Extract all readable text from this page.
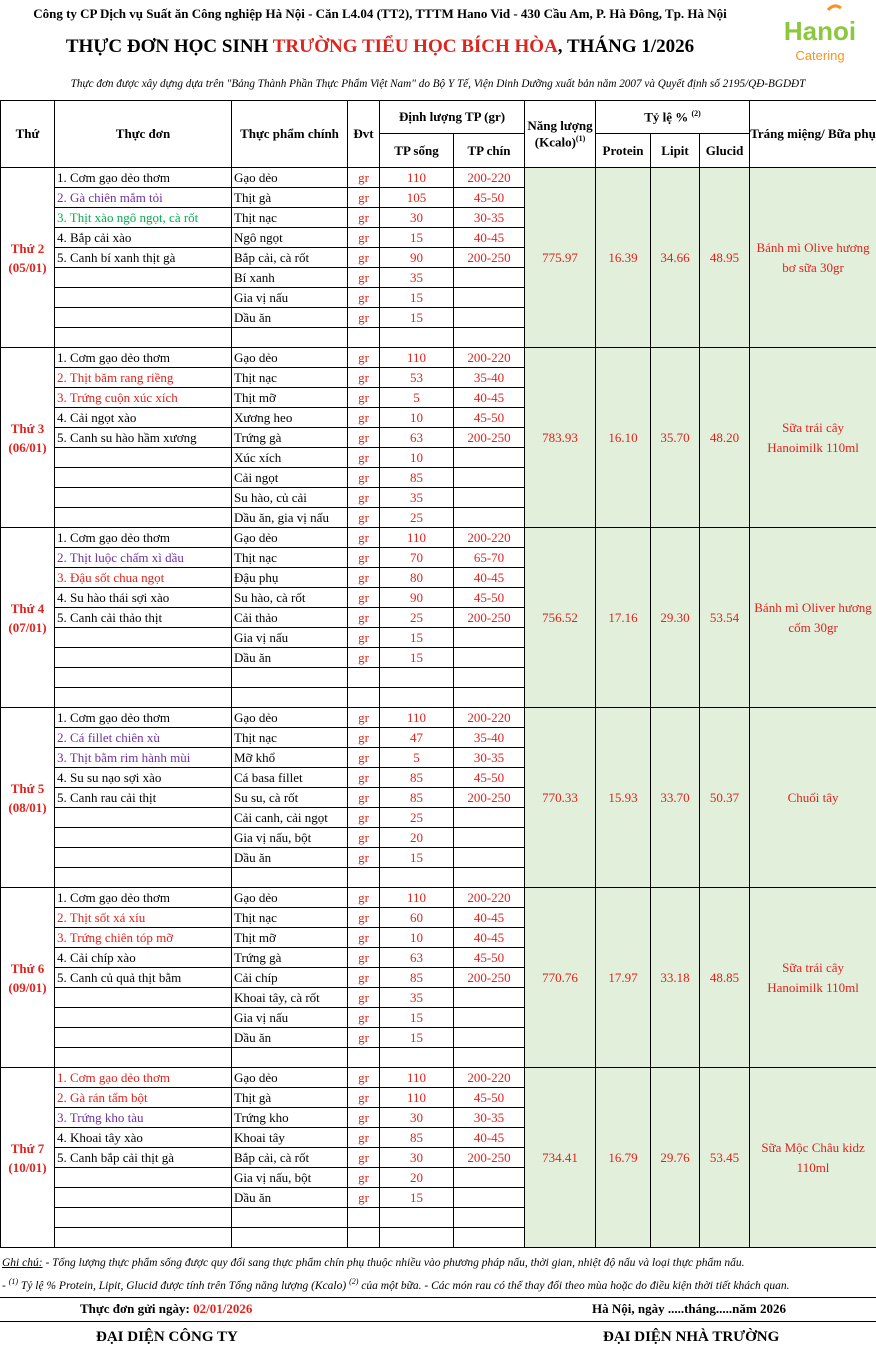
Công ty CP Dịch vụ Suất ăn Công nghiệp Hà Nội - Căn L4.04 (TT2), TTTM Hano Vid - 430 Cầu Am, P. Hà Đông, Tp. Hà Nội
THỰC ĐƠN HỌC SINH TRƯỜNG TIỂU HỌC BÍCH HÒA, THÁNG 1/2026
Hanoi
Catering
Thực đơn được xây dựng dựa trên "Bảng Thành Phần Thực Phẩm Việt Nam" do Bộ Y Tế, Viện Dinh Dưỡng xuất bản năm 2007 và Quyết định số 2195/QĐ-BGDĐT
Thứ	Thực đơn	Thực phẩm chính	Đvt	Định lượng TP (gr)		Năng lượng (Kcalo)$^{(1)}$	Tỷ lệ % $^{(2)}$			Tráng miệng/ Bữa phụ
				TP sống	TP chín		Protein	Lipit	Glucid	

Thứ 2
(05/01)	1. Cơm gạo dẻo thơm	Gạo dẻo	gr	110	200-220	775.97	16.39	34.66	48.95	Bánh mì Olive hương bơ sữa 30gr
	2. Gà chiên mắm tỏi	Thịt gà	gr	105	45-50					
	3. Thịt xào ngô ngọt, cà rốt	Thịt nạc	gr	30	30-35					
	4. Bắp cải xào	Ngô ngọt	gr	15	40-45					
	5. Canh bí xanh thịt gà	Bắp cải, cà rốt	gr	90	200-250					
		Bí xanh	gr	35						
		Gia vị nấu	gr	15						
		Dầu ăn	gr	15						

Thứ 3
(06/01)	1. Cơm gạo dẻo thơm	Gạo dẻo	gr	110	200-220	783.93	16.10	35.70	48.20	Sữa trái cây Hanoimilk 110ml
	2. Thịt băm rang riềng	Thịt nạc	gr	53	35-40					
	3. Trứng cuộn xúc xích	Thịt mỡ	gr	5	40-45					
	4. Cải ngọt xào	Xương heo	gr	10	45-50					
	5. Canh su hào hầm xương	Trứng gà	gr	63	200-250					
		Xúc xích	gr	10						
		Cải ngọt	gr	85						
		Su hào, củ cải	gr	35						
		Dầu ăn, gia vị nấu	gr	25						

Thứ 4
(07/01)	1. Cơm gạo dẻo thơm	Gạo dẻo	gr	110	200-220	756.52	17.16	29.30	53.54	Bánh mì Oliver hương cốm 30gr
	2. Thịt luộc chấm xì dầu	Thịt nạc	gr	70	65-70					
	3. Đậu sốt chua ngọt	Đậu phụ	gr	80	40-45					
	4. Su hào thái sợi xào	Su hào, cà rốt	gr	90	45-50					
	5. Canh cải thảo thịt	Cải thảo	gr	25	200-250					
		Gia vị nấu	gr	15						
		Dầu ăn	gr	15						

Thứ 5
(08/01)	1. Cơm gạo dẻo thơm	Gạo dẻo	gr	110	200-220	770.33	15.93	33.70	50.37	Chuối tây
	2. Cá fillet chiên xù	Thịt nạc	gr	47	35-40					
	3. Thịt bằm rim hành mùi	Mỡ khổ	gr	5	30-35					
	4. Su su nạo sợi xào	Cá basa fillet	gr	85	45-50					
	5. Canh rau cải thịt	Su su, cà rốt	gr	85	200-250					
		Cải canh, cải ngọt	gr	25						
		Gia vị nấu, bột	gr	20						
		Dầu ăn	gr	15						

Thứ 6
(09/01)	1. Cơm gạo dẻo thơm	Gạo dẻo	gr	110	200-220	770.76	17.97	33.18	48.85	Sữa trái cây Hanoimilk 110ml
	2. Thịt sốt xá xíu	Thịt nạc	gr	60	40-45					
	3. Trứng chiên tóp mỡ	Thịt mỡ	gr	10	40-45					
	4. Cải chíp xào	Trứng gà	gr	63	45-50					
	5. Canh củ quả thịt bằm	Cải chíp	gr	85	200-250					
		Khoai tây, cà rốt	gr	35						
		Gia vị nấu	gr	15						
		Dầu ăn	gr	15						

Thứ 7
(10/01)	1. Cơm gạo dẻo thơm	Gạo dẻo	gr	110	200-220	734.41	16.79	29.76	53.45	Sữa Mộc Châu kidz 110ml
	2. Gà rán tẩm bột	Thịt gà	gr	110	45-50					
	3. Trứng kho tàu	Trứng kho	gr	30	30-35					
	4. Khoai tây xào	Khoai tây	gr	85	40-45					
	5. Canh bắp cải thịt gà	Bắp cải, cà rốt	gr	30	200-250					
		Gia vị nấu, bột	gr	20						
		Dầu ăn	gr	15						

Ghi chú: - Tổng lượng thực phẩm sống được quy đổi sang thực phẩm chín phụ thuộc nhiều vào phương pháp nấu, thời gian, nhiệt độ nấu và loại thực phẩm nấu.
- $^{(1)}$ Tỷ lệ % Protein, Lipit, Glucid được tính trên Tổng năng lượng (Kcalo) $^{(2)}$ của một bữa. - Các món rau có thể thay đổi theo mùa hoặc do điều kiện thời tiết khách quan.
Thực đơn gửi ngày: 02/01/2026	Hà Nội, ngày .....tháng.....năm 2026
ĐẠI DIỆN CÔNG TY	ĐẠI DIỆN NHÀ TRƯỜNG
